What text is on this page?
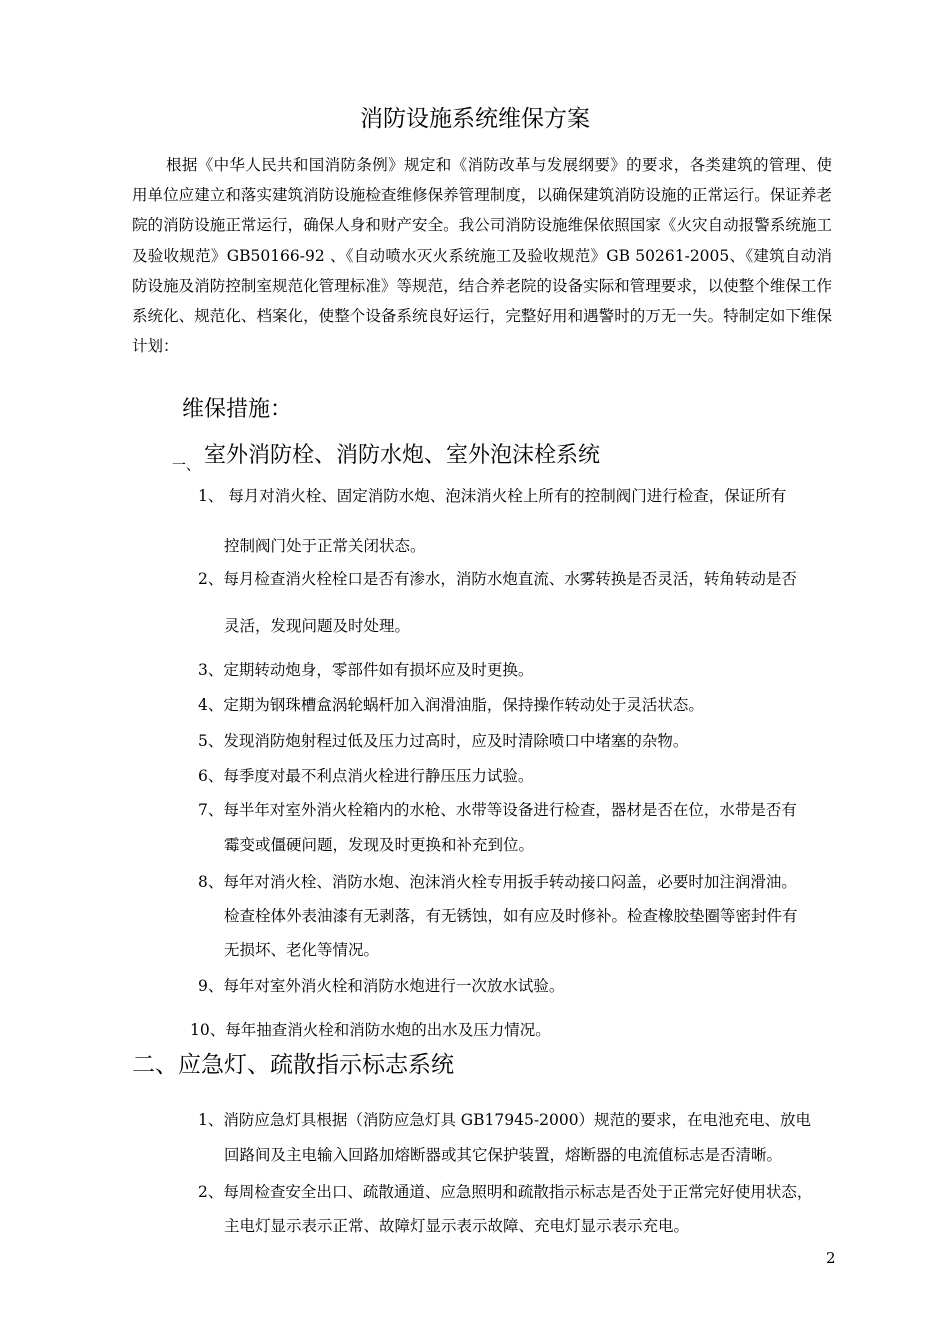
消防设施系统维保方案
根据《中华人民共和国消防条例》规定和《消防改革与发展纲要》的要求，各类建筑的管理、使用单位应建立和落实建筑消防设施检查维修保养管理制度，以确保建筑消防设施的正常运行。保证养老院的消防设施正常运行，确保人身和财产安全。我公司消防设施维保依照国家《火灾自动报警系统施工及验收规范》GB50166-92 、《自动喷水灭火系统施工及验收规范》GB 50261-2005、《建筑自动消防设施及消防控制室规范化管理标准》等规范，结合养老院的设备实际和管理要求，以使整个维保工作系统化、规范化、档案化，使整个设备系统良好运行，完整好用和遇警时的万无一失。特制定如下维保计划：
维保措施：
$_{一、}$ 室外消防栓、消防水炮、室外泡沫栓系统
1、 每月对消火栓、固定消防水炮、泡沫消火栓上所有的控制阀门进行检查，保证所有
控制阀门处于正常关闭状态。
2、每月检查消火栓栓口是否有渗水，消防水炮直流、水雾转换是否灵活，转角转动是否
灵活，发现问题及时处理。
3、定期转动炮身，零部件如有损坏应及时更换。
4、定期为钢珠槽盒涡轮蜗杆加入润滑油脂，保持操作转动处于灵活状态。
5、发现消防炮射程过低及压力过高时，应及时清除喷口中堵塞的杂物。
6、每季度对最不利点消火栓进行静压压力试验。
7、每半年对室外消火栓箱内的水枪、水带等设备进行检查，器材是否在位，水带是否有
霉变或僵硬问题，发现及时更换和补充到位。
8、每年对消火栓、消防水炮、泡沫消火栓专用扳手转动接口闷盖，必要时加注润滑油。
检查栓体外表油漆有无剥落，有无锈蚀，如有应及时修补。检查橡胶垫圈等密封件有
无损坏、老化等情况。
9、每年对室外消火栓和消防水炮进行一次放水试验。
10、每年抽查消火栓和消防水炮的出水及压力情况。
二、应急灯、疏散指示标志系统
1、消防应急灯具根据（消防应急灯具 GB17945-2000）规范的要求，在电池充电、放电
回路间及主电输入回路加熔断器或其它保护装置，熔断器的电流值标志是否清晰。
2、每周检查安全出口、疏散通道、应急照明和疏散指示标志是否处于正常完好使用状态，
主电灯显示表示正常、故障灯显示表示故障、充电灯显示表示充电。
2
